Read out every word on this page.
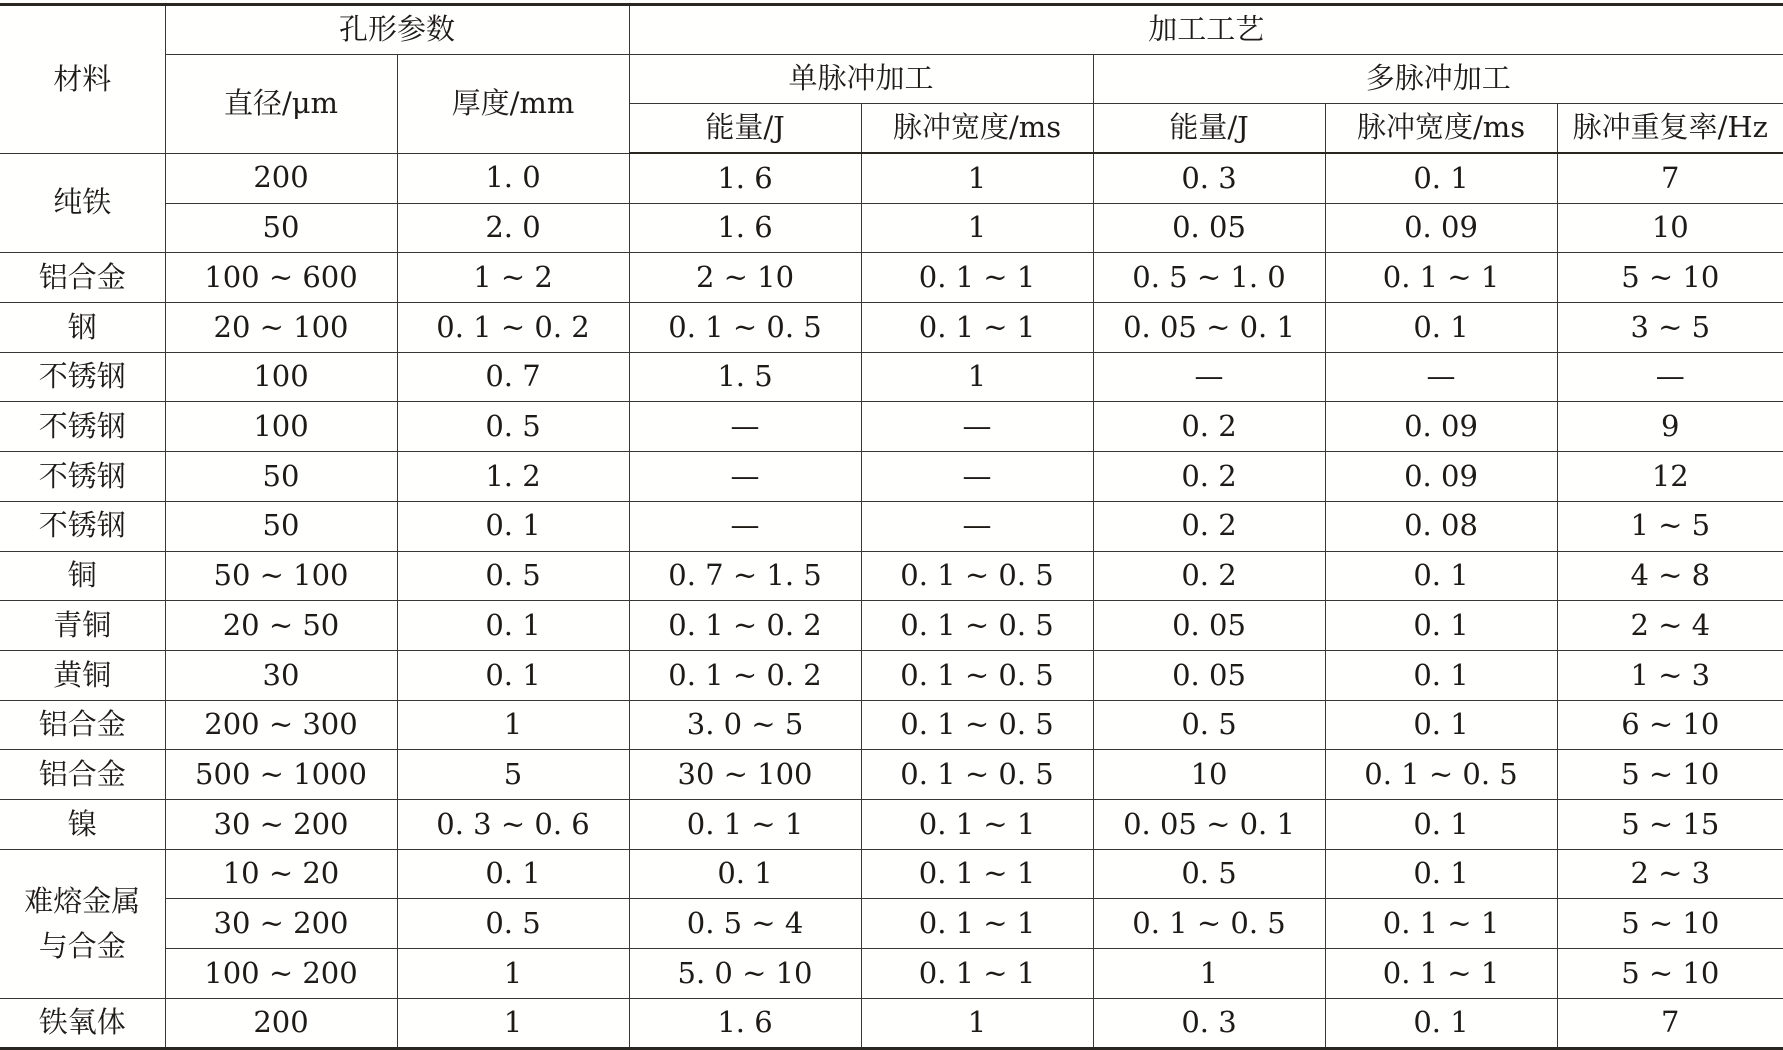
材料	孔形参数		加工工艺				
	直径/μm	厚度/mm	单脉冲加工		多脉冲加工		
			能量/J	脉冲宽度/ms	能量/J	脉冲宽度/ms	脉冲重复率/Hz
纯铁	200	1. 0	1. 6	1	0. 3	0. 1	7
	50	2. 0	1. 6	1	0. 05	0. 09	10
铝合金	100 ~ 600	1 ~ 2	2 ~ 10	0. 1 ~ 1	0. 5 ~ 1. 0	0. 1 ~ 1	5 ~ 10
钢	20 ~ 100	0. 1 ~ 0. 2	0. 1 ~ 0. 5	0. 1 ~ 1	0. 05 ~ 0. 1	0. 1	3 ~ 5
不锈钢	100	0. 7	1. 5	1	—	—	—
不锈钢	100	0. 5	—	—	0. 2	0. 09	9
不锈钢	50	1. 2	—	—	0. 2	0. 09	12
不锈钢	50	0. 1	—	—	0. 2	0. 08	1 ~ 5
铜	50 ~ 100	0. 5	0. 7 ~ 1. 5	0. 1 ~ 0. 5	0. 2	0. 1	4 ~ 8
青铜	20 ~ 50	0. 1	0. 1 ~ 0. 2	0. 1 ~ 0. 5	0. 05	0. 1	2 ~ 4
黄铜	30	0. 1	0. 1 ~ 0. 2	0. 1 ~ 0. 5	0. 05	0. 1	1 ~ 3
铝合金	200 ~ 300	1	3. 0 ~ 5	0. 1 ~ 0. 5	0. 5	0. 1	6 ~ 10
铝合金	500 ~ 1000	5	30 ~ 100	0. 1 ~ 0. 5	10	0. 1 ~ 0. 5	5 ~ 10
镍	30 ~ 200	0. 3 ~ 0. 6	0. 1 ~ 1	0. 1 ~ 1	0. 05 ~ 0. 1	0. 1	5 ~ 15

难熔金属
与合金	10 ~ 20	0. 1	0. 1	0. 1 ~ 1	0. 5	0. 1	2 ~ 3
	30 ~ 200	0. 5	0. 5 ~ 4	0. 1 ~ 1	0. 1 ~ 0. 5	0. 1 ~ 1	5 ~ 10
	100 ~ 200	1	5. 0 ~ 10	0. 1 ~ 1	1	0. 1 ~ 1	5 ~ 10
铁氧体	200	1	1. 6	1	0. 3	0. 1	7
